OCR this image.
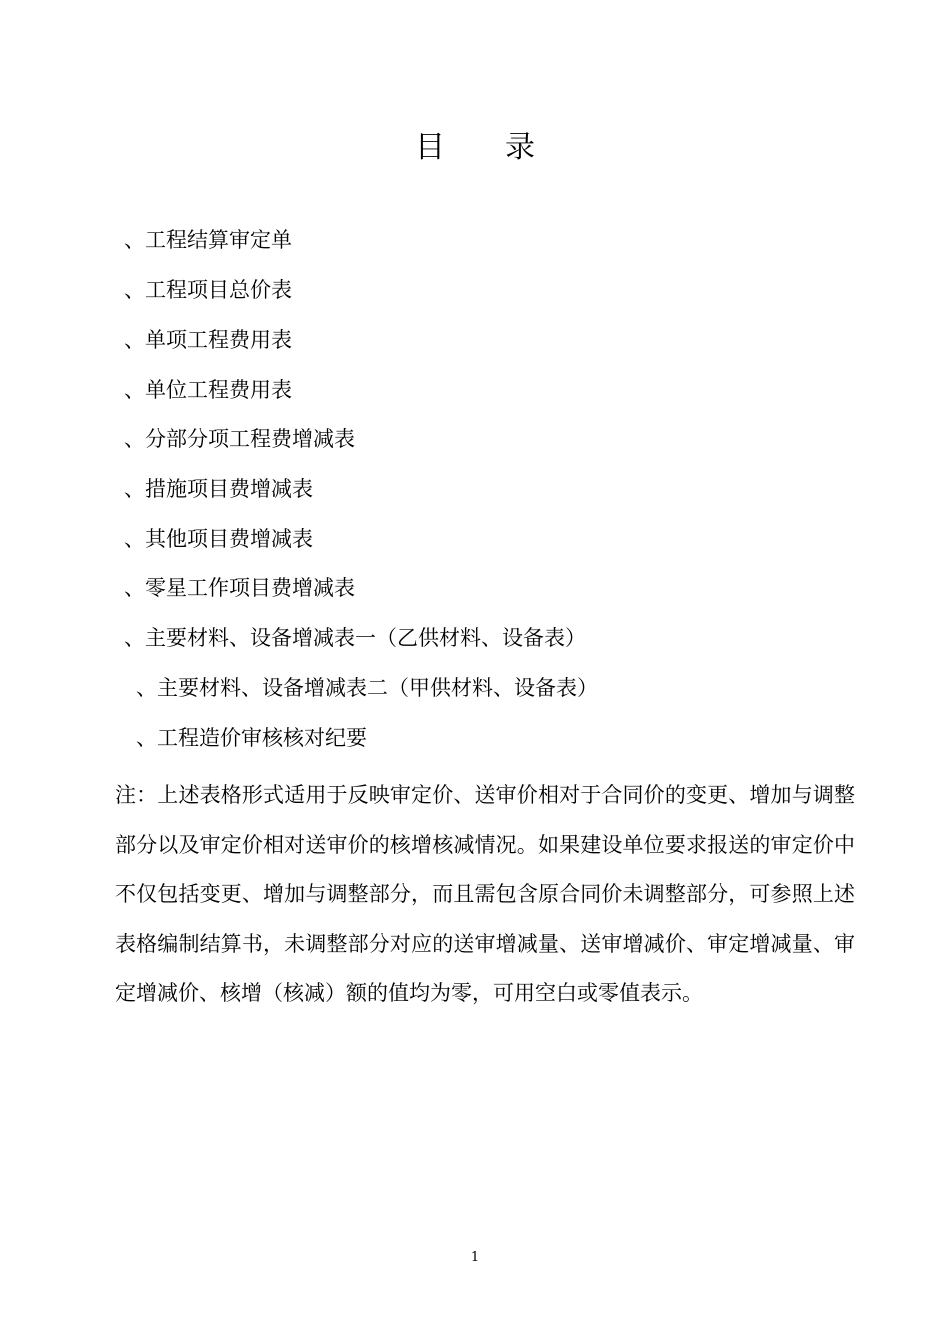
目　　录
、工程结算审定单
、工程项目总价表
、单项工程费用表
、单位工程费用表
、分部分项工程费增减表
、措施项目费增减表
、其他项目费增减表
、零星工作项目费增减表
、主要材料、设备增减表一（乙供材料、设备表）
、主要材料、设备增减表二（甲供材料、设备表）
、工程造价审核核对纪要
注：上述表格形式适用于反映审定价、送审价相对于合同价的变更、增加与调整部分以及审定价相对送审价的核增核减情况。如果建设单位要求报送的审定价中不仅包括变更、增加与调整部分，而且需包含原合同价未调整部分，可参照上述表格编制结算书，未调整部分对应的送审增减量、送审增减价、审定增减量、审定增减价、核增（核减）额的值均为零，可用空白或零值表示。
1
